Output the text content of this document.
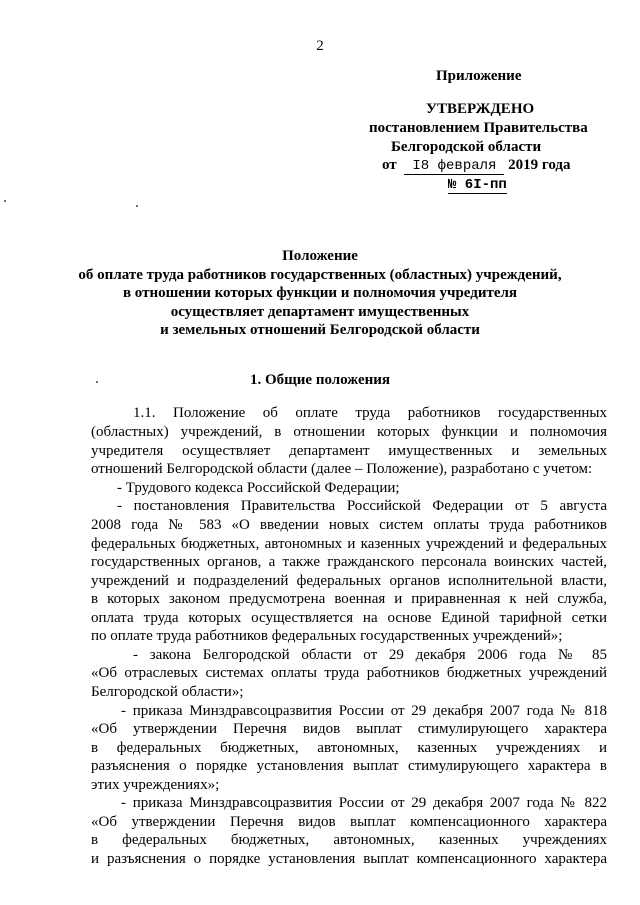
2
Приложение
УТВЕРЖДЕНО
постановлением Правительства
Белгородской области
от I8 февраля 2019 года
№ 6I-пп
Положение
об оплате труда работников государственных (областных) учреждений,
в отношении которых функции и полномочия учредителя
осуществляет департамент имущественных
и земельных отношений Белгородской области
1. Общие положения
1.1. Положение об оплате труда работников государственных
(областных) учреждений, в отношении которых функции и полномочия
учредителя осуществляет департамент имущественных и земельных
отношений Белгородской области (далее – Положение), разработано с учетом:
- Трудового кодекса Российской Федерации;
- постановления Правительства Российской Федерации от 5 августа
2008 года № 583 «О введении новых систем оплаты труда работников
федеральных бюджетных, автономных и казенных учреждений и федеральных
государственных органов, а также гражданского персонала воинских частей,
учреждений и подразделений федеральных органов исполнительной власти,
в которых законом предусмотрена военная и приравненная к ней служба,
оплата труда которых осуществляется на основе Единой тарифной сетки
по оплате труда работников федеральных государственных учреждений»;
- закона Белгородской области от 29 декабря 2006 года № 85
«Об отраслевых системах оплаты труда работников бюджетных учреждений
Белгородской области»;
- приказа Минздравсоцразвития России от 29 декабря 2007 года № 818
«Об утверждении Перечня видов выплат стимулирующего характера
в федеральных бюджетных, автономных, казенных учреждениях и
разъяснения о порядке установления выплат стимулирующего характера в
этих учреждениях»;
- приказа Минздравсоцразвития России от 29 декабря 2007 года № 822
«Об утверждении Перечня видов выплат компенсационного характера
в федеральных бюджетных, автономных, казенных учреждениях
и разъяснения о порядке установления выплат компенсационного характера
